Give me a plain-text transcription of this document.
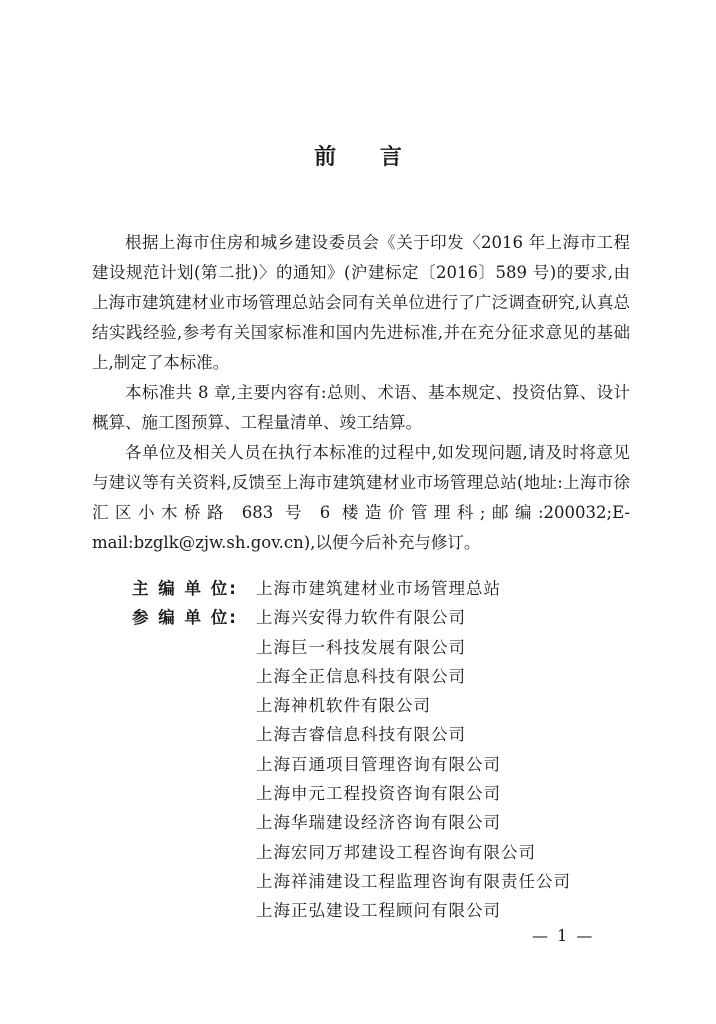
前 言

根据上海市住房和城乡建设委员会《关于印发〈2016 年上海市工程建设规范计划(第二批)〉的通知》(沪建标定〔2016〕589 号)的要求,由上海市建筑建材业市场管理总站会同有关单位进行了广泛调查研究,认真总结实践经验,参考有关国家标准和国内先进标准,并在充分征求意见的基础上,制定了本标准。

本标准共 8 章,主要内容有:总则、术语、基本规定、投资估算、设计概算、施工图预算、工程量清单、竣工结算。

各单位及相关人员在执行本标准的过程中,如发现问题,请及时将意见与建议等有关资料,反馈至上海市建筑建材业市场管理总站(地址:上海市徐汇区小木桥路 683 号 6 楼造价管理科;邮编:200032;E-mail:bzglk@zjw.sh.gov.cn),以便今后补充与修订。

主 编 单 位:	上海市建筑建材业市场管理总站
参 编 单 位:	上海兴安得力软件有限公司
上海巨一科技发展有限公司
上海全正信息科技有限公司
上海神机软件有限公司
上海吉睿信息科技有限公司
上海百通项目管理咨询有限公司
上海申元工程投资咨询有限公司
上海华瑞建设经济咨询有限公司
上海宏同万邦建设工程咨询有限公司
上海祥浦建设工程监理咨询有限责任公司
上海正弘建设工程顾问有限公司
— 1 —
